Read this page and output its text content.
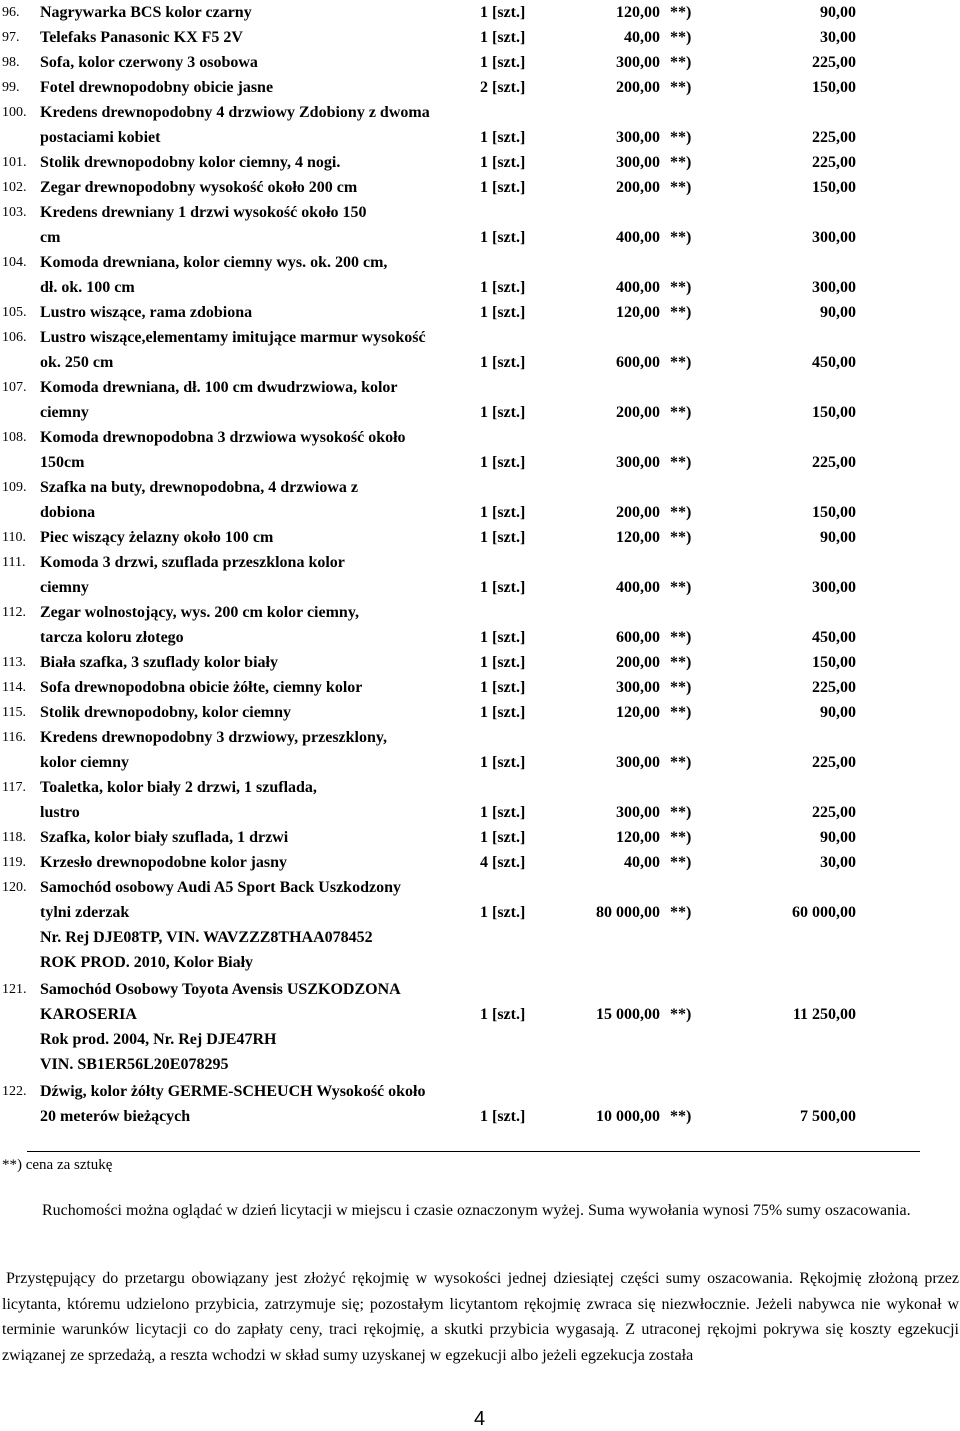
96. Nagrywarka BCS kolor czarny	1 [szt.]	120,00 **)	90,00
97. Telefaks Panasonic KX F5 2V	1 [szt.]	40,00 **)	30,00
98. Sofa, kolor czerwony 3 osobowa	1 [szt.]	300,00 **)	225,00
99. Fotel drewnopodobny obicie jasne	2 [szt.]	200,00 **)	150,00
100. Kredens drewnopodobny 4 drzwiowy Zdobiony z dwoma
postaciami kobiet	1 [szt.]	300,00 **)	225,00
101. Stolik drewnopodobny kolor ciemny, 4 nogi.	1 [szt.]	300,00 **)	225,00
102. Zegar drewnopodobny wysokość około 200 cm	1 [szt.]	200,00 **)	150,00
103. Kredens drewniany 1 drzwi wysokość około 150
cm	1 [szt.]	400,00 **)	300,00
104. Komoda drewniana, kolor ciemny wys. ok. 200 cm,
dł. ok. 100 cm	1 [szt.]	400,00 **)	300,00
105. Lustro wiszące, rama zdobiona	1 [szt.]	120,00 **)	90,00
106. Lustro wiszące,elementamy imitujące marmur wysokość
ok. 250 cm	1 [szt.]	600,00 **)	450,00
107. Komoda drewniana, dł. 100 cm dwudrzwiowa, kolor
ciemny	1 [szt.]	200,00 **)	150,00
108. Komoda drewnopodobna 3 drzwiowa wysokość około
150cm	1 [szt.]	300,00 **)	225,00
109. Szafka na buty, drewnopodobna, 4 drzwiowa z
dobiona	1 [szt.]	200,00 **)	150,00
110. Piec wiszący żelazny około 100 cm	1 [szt.]	120,00 **)	90,00
111. Komoda 3 drzwi, szuflada przeszklona kolor
ciemny	1 [szt.]	400,00 **)	300,00
112. Zegar wolnostojący, wys. 200 cm kolor ciemny,
tarcza koloru złotego	1 [szt.]	600,00 **)	450,00
113. Biała szafka, 3 szuflady kolor biały	1 [szt.]	200,00 **)	150,00
114. Sofa drewnopodobna obicie żółte, ciemny kolor	1 [szt.]	300,00 **)	225,00
115. Stolik drewnopodobny, kolor ciemny	1 [szt.]	120,00 **)	90,00
116. Kredens drewnopodobny 3 drzwiowy, przeszklony,
kolor ciemny	1 [szt.]	300,00 **)	225,00
117. Toaletka, kolor biały 2 drzwi, 1 szuflada,
lustro	1 [szt.]	300,00 **)	225,00
118. Szafka, kolor biały szuflada, 1 drzwi	1 [szt.]	120,00 **)	90,00
119. Krzesło drewnopodobne kolor jasny	4 [szt.]	40,00 **)	30,00
120. Samochód osobowy Audi A5 Sport Back Uszkodzony
tylni zderzak	1 [szt.]	80 000,00 **)	60 000,00
Nr. Rej DJE08TP, VIN. WAVZZZ8THAA078452
ROK PROD. 2010, Kolor Biały
121. Samochód Osobowy Toyota Avensis USZKODZONA
KAROSERIA	1 [szt.]	15 000,00 **)	11 250,00
Rok prod. 2004, Nr. Rej DJE47RH
VIN. SB1ER56L20E078295
122. Dźwig, kolor żółty GERME-SCHEUCH Wysokość około
20 meterów bieżących	1 [szt.]	10 000,00 **)	7 500,00
**) cena za sztukę
Ruchomości można oglądać w dzień licytacji w miejscu i czasie oznaczonym wyżej. Suma wywołania wynosi 75% sumy oszacowania.
Przystępujący do przetargu obowiązany jest złożyć rękojmię w wysokości jednej dziesiątej części sumy oszacowania. Rękojmię złożoną przez licytanta, któremu udzielono przybicia, zatrzymuje się; pozostałym licytantom rękojmię zwraca się niezwłocznie. Jeżeli nabywca nie wykonał w terminie warunków licytacji co do zapłaty ceny, traci rękojmię, a skutki przybicia wygasają. Z utraconej rękojmi pokrywa się koszty egzekucji związanej ze sprzedażą, a reszta wchodzi w skład sumy uzyskanej w egzekucji albo jeżeli egzekucja została
4
